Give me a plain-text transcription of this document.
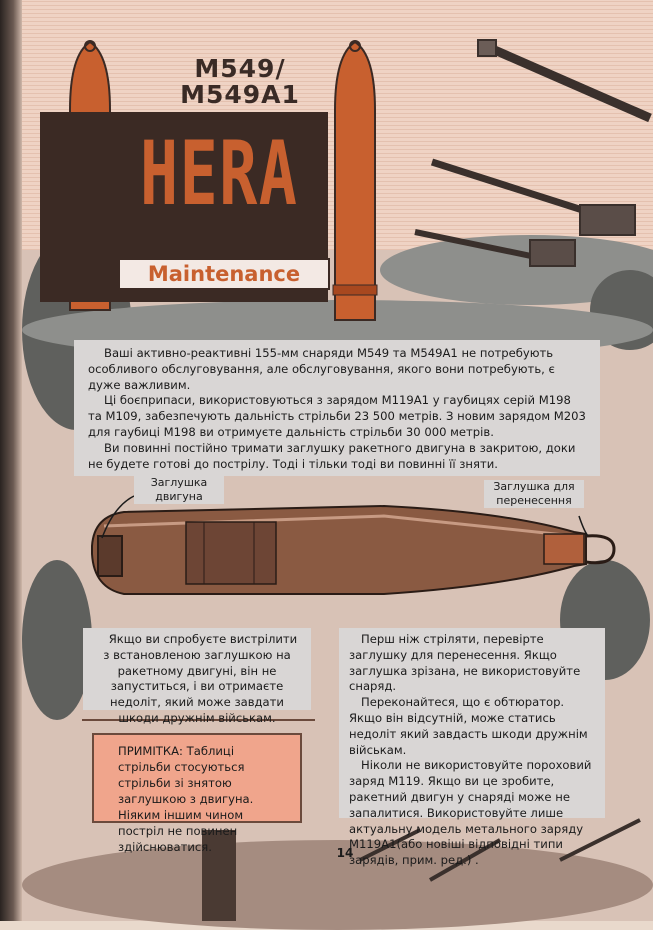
M549/
M549A1
HERA
Maintenance

Ваші активно-реактивні 155-мм снаряди M549 та M549A1 не потребують особливого обслуговування, але обслуговування, якого вони потребують, є дуже важливим.

Ці боєприпаси, використовуються з зарядом M119A1 у гаубицях серій M198 та M109, забезпечують дальність стрільби 23 500 метрів. З новим зарядом M203 для гаубиці M198 ви отримуєте дальність стрільби 30 000 метрів.

Ви повинні постійно тримати заглушку ракетного двигуна в закритою, доки не будете готові до пострілу. Тоді і тільки тоді ви повинні її зняти.

Заглушка двигуна
Заглушка для перенесення

Якщо ви спробуєте вистрілити з встановленою заглушкою на ракетному двигуні, він не запуститься, і ви отримаєте недоліт, який може завдати шкоди дружнім військам.

Перш ніж стріляти, перевірте заглушку для перенесення. Якщо заглушка зрізана, не використовуйте снаряд.

Переконайтеся, що є обтюратор. Якщо він відсутній, може статись недоліт який завдасть шкоди дружнім військам.

Ніколи не використовуйте пороховий заряд M119. Якщо ви це зробите, ракетний двигун у снаряді може не запалитися. Використовуйте лише актуальну модель метального заряду M119A1(або новіші відповідні типи зарядів, прим. ред.) .

ПРИМІТКА: Таблиці стрільби стосуються стрільби зі знятою заглушкою з двигуна. Ніяким іншим чином постріл не повинен здійснюватися.	14
